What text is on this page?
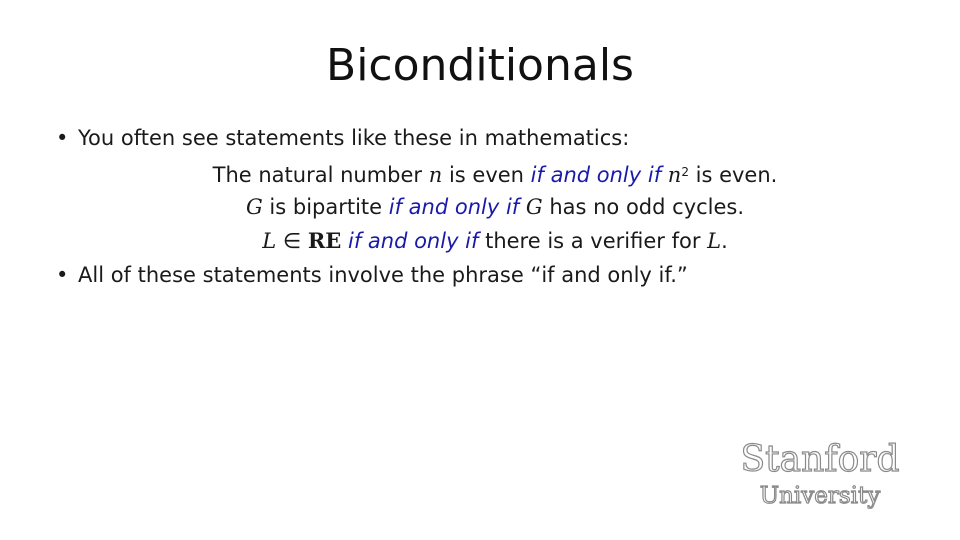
Biconditionals
• You often see statements like these in mathematics:
The natural number n is even if and only if $n^2$ is even.
G is bipartite if and only if G has no odd cycles.
L ∈ RE if and only if there is a verifier for L.
• All of these statements involve the phrase “if and only if.”
Stanford
University
